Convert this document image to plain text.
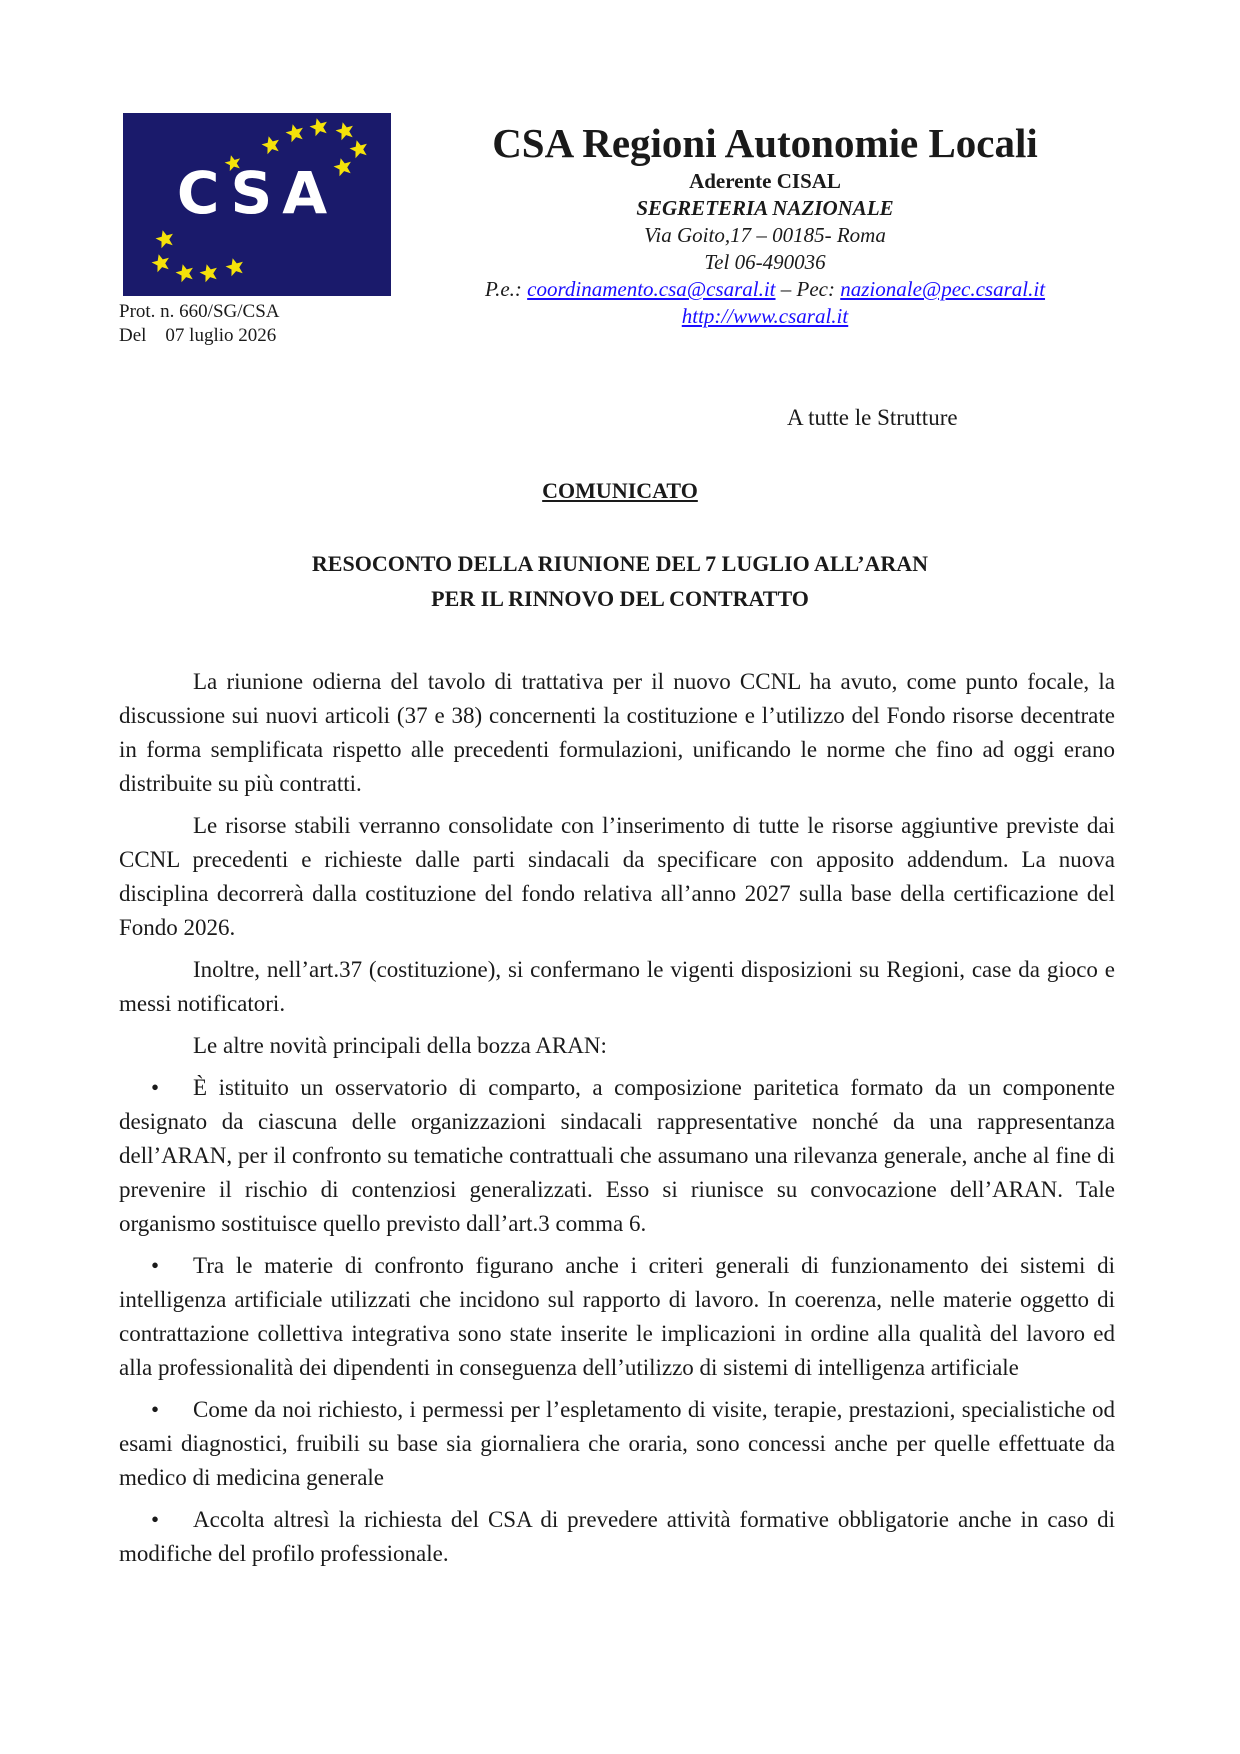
CSA
Prot. n. 660/SG/CSA
Del    07 luglio 2026
CSA Regioni Autonomie Locali
Aderente CISAL
SEGRETERIA NAZIONALE
Via Goito,17 – 00185- Roma
Tel 06-490036
P.e.: coordinamento.csa@csaral.it – Pec: nazionale@pec.csaral.it
http://www.csaral.it
A tutte le Strutture
COMUNICATO
RESOCONTO DELLA RIUNIONE DEL 7 LUGLIO ALL’ARAN
PER IL RINNOVO DEL CONTRATTO

La riunione odierna del tavolo di trattativa per il nuovo CCNL ha avuto, come punto focale, la discussione sui nuovi articoli (37 e 38) concernenti la costituzione e l’utilizzo del Fondo risorse decentrate in forma semplificata rispetto alle precedenti formulazioni, unificando le norme che fino ad oggi erano distribuite su più contratti.

Le risorse stabili verranno consolidate con l’inserimento di tutte le risorse aggiuntive previste dai CCNL precedenti e richieste dalle parti sindacali da specificare con apposito addendum. La nuova disciplina decorrerà dalla costituzione del fondo relativa all’anno 2027 sulla base della certificazione del Fondo 2026.

Inoltre, nell’art.37 (costituzione), si confermano le vigenti disposizioni su Regioni, case da gioco e messi notificatori.

Le altre novità principali della bozza ARAN:

• È istituito un osservatorio di comparto, a composizione paritetica formato da un componente designato da ciascuna delle organizzazioni sindacali rappresentative nonché da una rappresentanza dell’ARAN, per il confronto su tematiche contrattuali che assumano una rilevanza generale, anche al fine di prevenire il rischio di contenziosi generalizzati. Esso si riunisce su convocazione dell’ARAN. Tale organismo sostituisce quello previsto dall’art.3 comma 6.

• Tra le materie di confronto figurano anche i criteri generali di funzionamento dei sistemi di intelligenza artificiale utilizzati che incidono sul rapporto di lavoro. In coerenza, nelle materie oggetto di contrattazione collettiva integrativa sono state inserite le implicazioni in ordine alla qualità del lavoro ed alla professionalità dei dipendenti in conseguenza dell’utilizzo di sistemi di intelligenza artificiale

• Come da noi richiesto, i permessi per l’espletamento di visite, terapie, prestazioni, specialistiche od esami diagnostici, fruibili su base sia giornaliera che oraria, sono concessi anche per quelle effettuate da medico di medicina generale

• Accolta altresì la richiesta del CSA di prevedere attività formative obbligatorie anche in caso di modifiche del profilo professionale.
